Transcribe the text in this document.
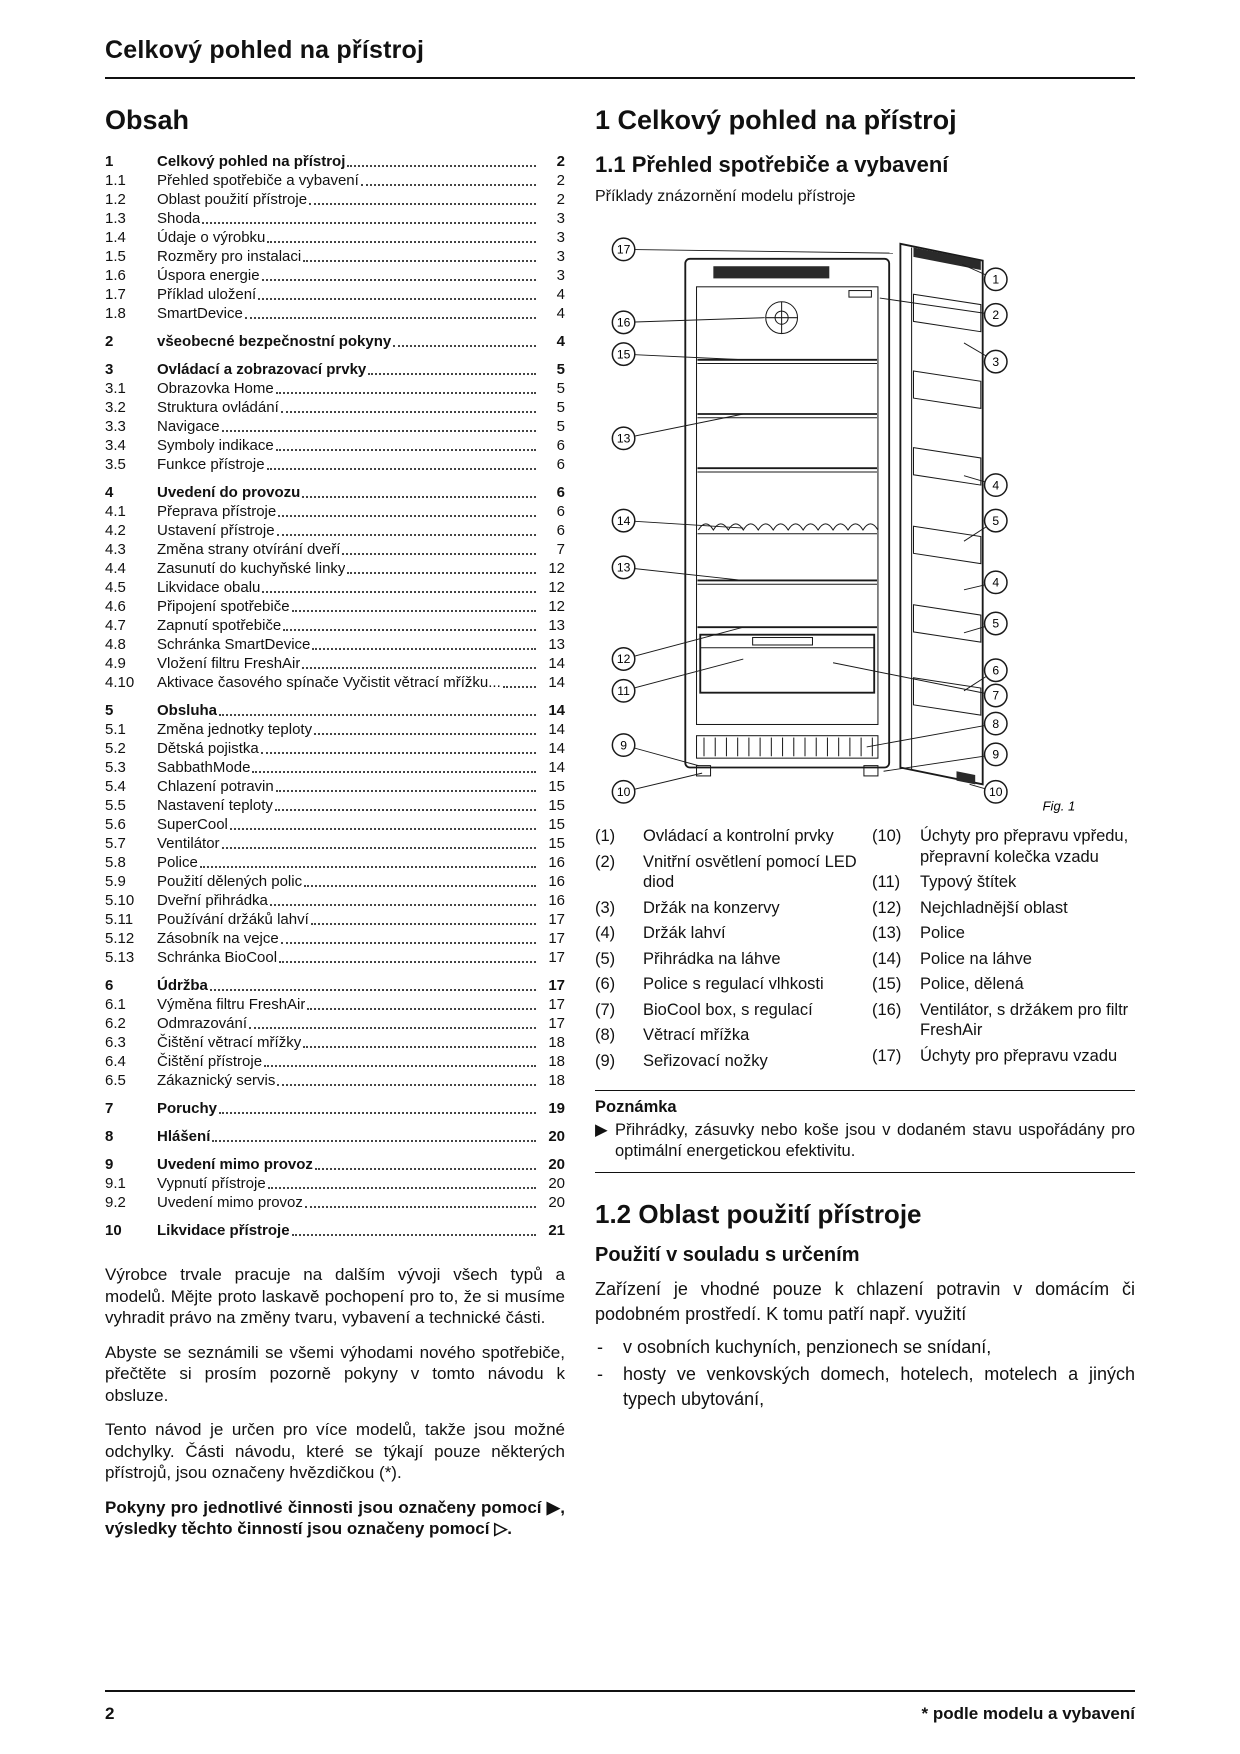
Celkový pohled na přístroj
Obsah
1	Celkový pohled na přístroj	2
1.1	Přehled spotřebiče a vybavení	2
1.2	Oblast použití přístroje	2
1.3	Shoda	3
1.4	Údaje o výrobku	3
1.5	Rozměry pro instalaci	3
1.6	Úspora energie	3
1.7	Příklad uložení	4
1.8	SmartDevice	4
2	všeobecné bezpečnostní pokyny	4
3	Ovládací a zobrazovací prvky	5
3.1	Obrazovka Home	5
3.2	Struktura ovládání	5
3.3	Navigace	5
3.4	Symboly indikace	6
3.5	Funkce přístroje	6
4	Uvedení do provozu	6
4.1	Přeprava přístroje	6
4.2	Ustavení přístroje	6
4.3	Změna strany otvírání dveří	7
4.4	Zasunutí do kuchyňské linky	12
4.5	Likvidace obalu	12
4.6	Připojení spotřebiče	12
4.7	Zapnutí spotřebiče	13
4.8	Schránka SmartDevice	13
4.9	Vložení filtru FreshAir	14
4.10	Aktivace časového spínače Vyčistit větrací mřížku...	14
5	Obsluha	14
5.1	Změna jednotky teploty	14
5.2	Dětská pojistka	14
5.3	SabbathMode	14
5.4	Chlazení potravin	15
5.5	Nastavení teploty	15
5.6	SuperCool	15
5.7	Ventilátor	15
5.8	Police	16
5.9	Použití dělených polic	16
5.10	Dveřní přihrádka	16
5.11	Používání držáků lahví	17
5.12	Zásobník na vejce	17
5.13	Schránka BioCool	17
6	Údržba	17
6.1	Výměna filtru FreshAir	17
6.2	Odmrazování	17
6.3	Čištění větrací mřížky	18
6.4	Čištění přístroje	18
6.5	Zákaznický servis	18
7	Poruchy	19
8	Hlášení	20
9	Uvedení mimo provoz	20
9.1	Vypnutí přístroje	20
9.2	Uvedení mimo provoz	20
10	Likvidace přístroje	21

Výrobce trvale pracuje na dalším vývoji všech typů a modelů. Mějte proto laskavě pochopení pro to, že si musíme vyhradit právo na změny tvaru, vybavení a technické části.

Abyste se seznámili se všemi výhodami nového spotřebiče, přečtěte si prosím pozorně pokyny v tomto návodu k obsluze.

Tento návod je určen pro více modelů, takže jsou možné odchylky. Části návodu, které se týkají pouze některých přístrojů, jsou označeny hvězdičkou (*).

Pokyny pro jednotlivé činnosti jsou označeny pomocí ▶, výsledky těchto činností jsou označeny pomocí ▷.

1 Celkový pohled na přístroj
1.1 Přehled spotřebiče a vybavení

Příklady znázornění modelu přístroje

17
16
15
13
14
13
12
11
9
10
1
2
3
4
5
4
5
6
7
8
9
10
Fig. 1
(1)	Ovládací a kontrolní prvky
(2)	Vnitřní osvětlení pomocí LED diod
(3)	Držák na konzervy
(4)	Držák lahví
(5)	Přihrádka na láhve
(6)	Police s regulací vlhkosti
(7)	BioCool box, s regulací
(8)	Větrací mřížka
(9)	Seřizovací nožky
(10)	Úchyty pro přepravu vpředu, přepravní kolečka vzadu
(11)	Typový štítek
(12)	Nejchladnější oblast
(13)	Police
(14)	Police na láhve
(15)	Police, dělená
(16)	Ventilátor, s držákem pro filtr FreshAir
(17)	Úchyty pro přepravu vzadu
Poznámka
▶ Přihrádky, zásuvky nebo koše jsou v dodaném stavu uspořádány pro optimální energetickou efektivitu.
1.2 Oblast použití přístroje
Použití v souladu s určením

Zařízení je vhodné pouze k chlazení potravin v domácím či podobném prostředí. K tomu patří např. využití

-	v osobních kuchyních, penzionech se snídaní,
-	hosty ve venkovských domech, hotelech, motelech a jiných typech ubytování,
2	* podle modelu a vybavení
